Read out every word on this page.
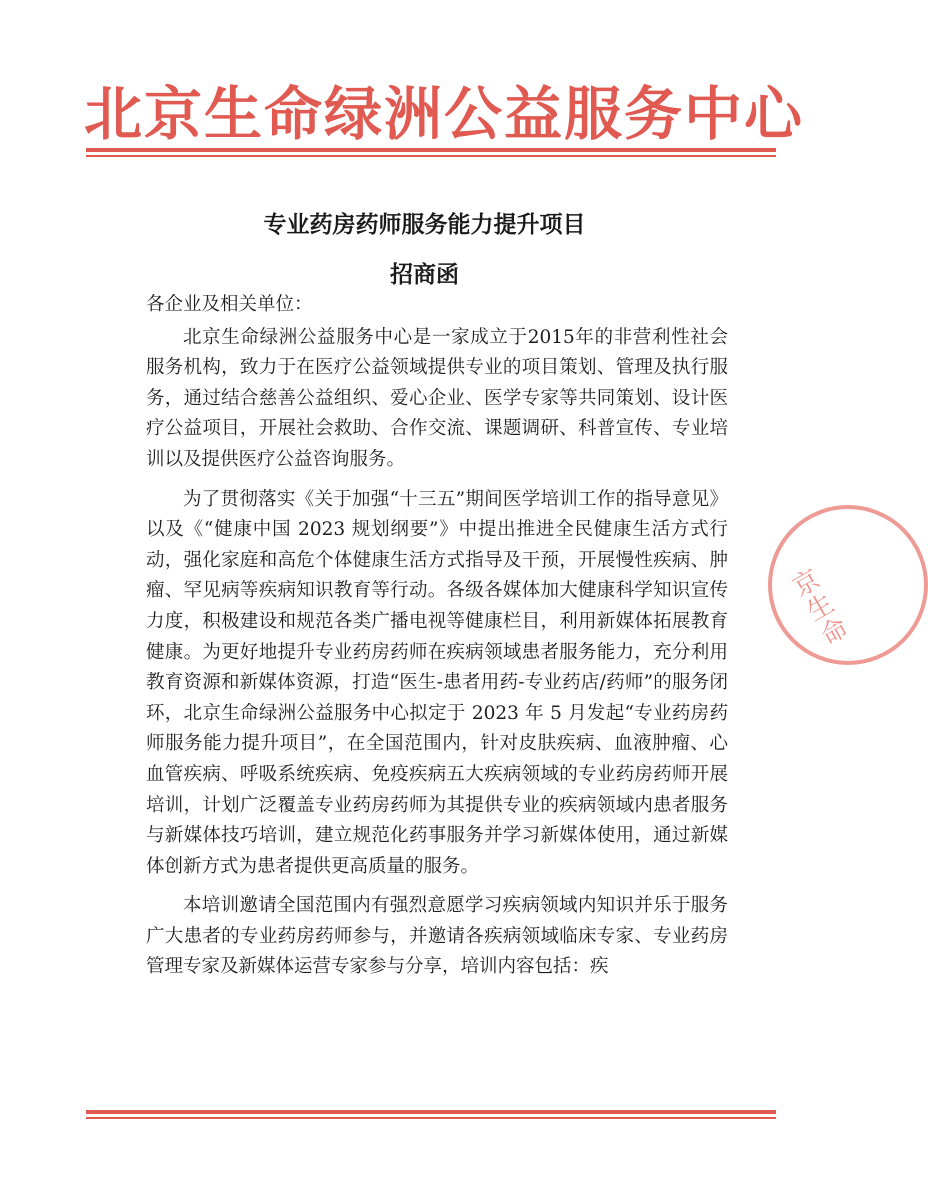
北京生命绿洲公益服务中心
专业药房药师服务能力提升项目
招商函

各企业及相关单位：

北京生命绿洲公益服务中心是一家成立于2015年的非营利性社会服务机构，致力于在医疗公益领域提供专业的项目策划、管理及执行服务，通过结合慈善公益组织、爱心企业、医学专家等共同策划、设计医疗公益项目，开展社会救助、合作交流、课题调研、科普宣传、专业培训以及提供医疗公益咨询服务。

为了贯彻落实《关于加强“十三五”期间医学培训工作的指导意见》以及《“健康中国 2023 规划纲要”》中提出推进全民健康生活方式行动，强化家庭和高危个体健康生活方式指导及干预，开展慢性疾病、肿瘤、罕见病等疾病知识教育等行动。各级各媒体加大健康科学知识宣传力度，积极建设和规范各类广播电视等健康栏目，利用新媒体拓展教育健康。为更好地提升专业药房药师在疾病领域患者服务能力，充分利用教育资源和新媒体资源，打造“医生-患者用药-专业药店/药师”的服务闭环，北京生命绿洲公益服务中心拟定于 2023 年 5 月发起“专业药房药师服务能力提升项目”，在全国范围内，针对皮肤疾病、血液肿瘤、心血管疾病、呼吸系统疾病、免疫疾病五大疾病领域的专业药房药师开展培训，计划广泛覆盖专业药房药师为其提供专业的疾病领域内患者服务与新媒体技巧培训，建立规范化药事服务并学习新媒体使用，通过新媒体创新方式为患者提供更高质量的服务。

本培训邀请全国范围内有强烈意愿学习疾病领域内知识并乐于服务广大患者的专业药房药师参与，并邀请各疾病领域临床专家、专业药房管理专家及新媒体运营专家参与分享，培训内容包括：疾

京生命
